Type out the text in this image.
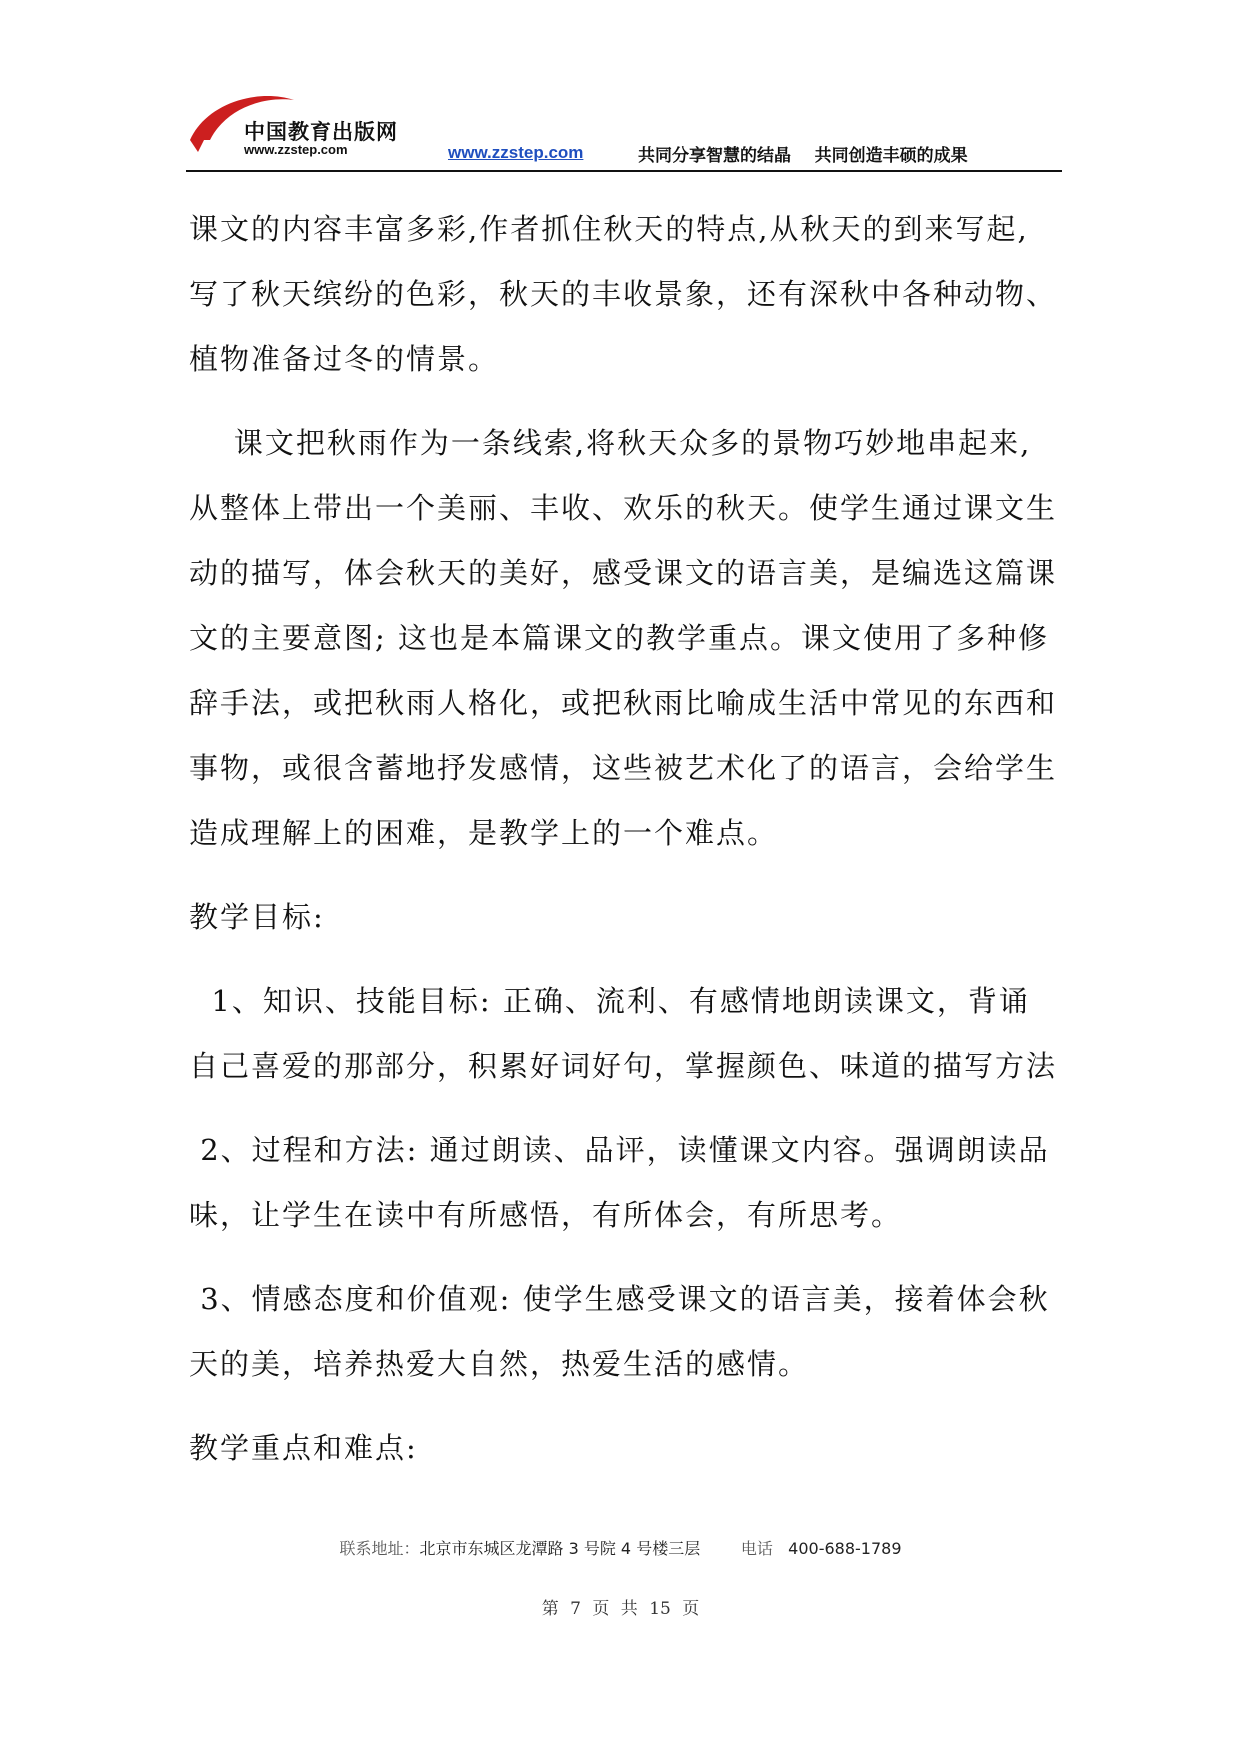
中国教育出版网
www.zzstep.com	www.zzstep.com	共同分享智慧的结晶    共同创造丰硕的成果

课文的内容丰富多彩,作者抓住秋天的特点,从秋天的到来写起,

写了秋天缤纷的色彩，秋天的丰收景象，还有深秋中各种动物、

植物准备过冬的情景。

课文把秋雨作为一条线索,将秋天众多的景物巧妙地串起来,

从整体上带出一个美丽、丰收、欢乐的秋天。使学生通过课文生

动的描写，体会秋天的美好，感受课文的语言美，是编选这篇课

文的主要意图; 这也是本篇课文的教学重点。课文使用了多种修

辞手法，或把秋雨人格化，或把秋雨比喻成生活中常见的东西和

事物，或很含蓄地抒发感情，这些被艺术化了的语言，会给学生

造成理解上的困难，是教学上的一个难点。

教学目标:

1、知识、技能目标: 正确、流利、有感情地朗读课文，背诵

自己喜爱的那部分，积累好词好句，掌握颜色、味道的描写方法

2、过程和方法: 通过朗读、品评，读懂课文内容。强调朗读品

味，让学生在读中有所感悟，有所体会，有所思考。

3、情感态度和价值观: 使学生感受课文的语言美，接着体会秋

天的美，培养热爱大自然，热爱生活的感情。

教学重点和难点:

联系地址：北京市东城区龙潭路 3 号院 4 号楼三层	电话 400-688-1789
第 7 页 共 15 页
